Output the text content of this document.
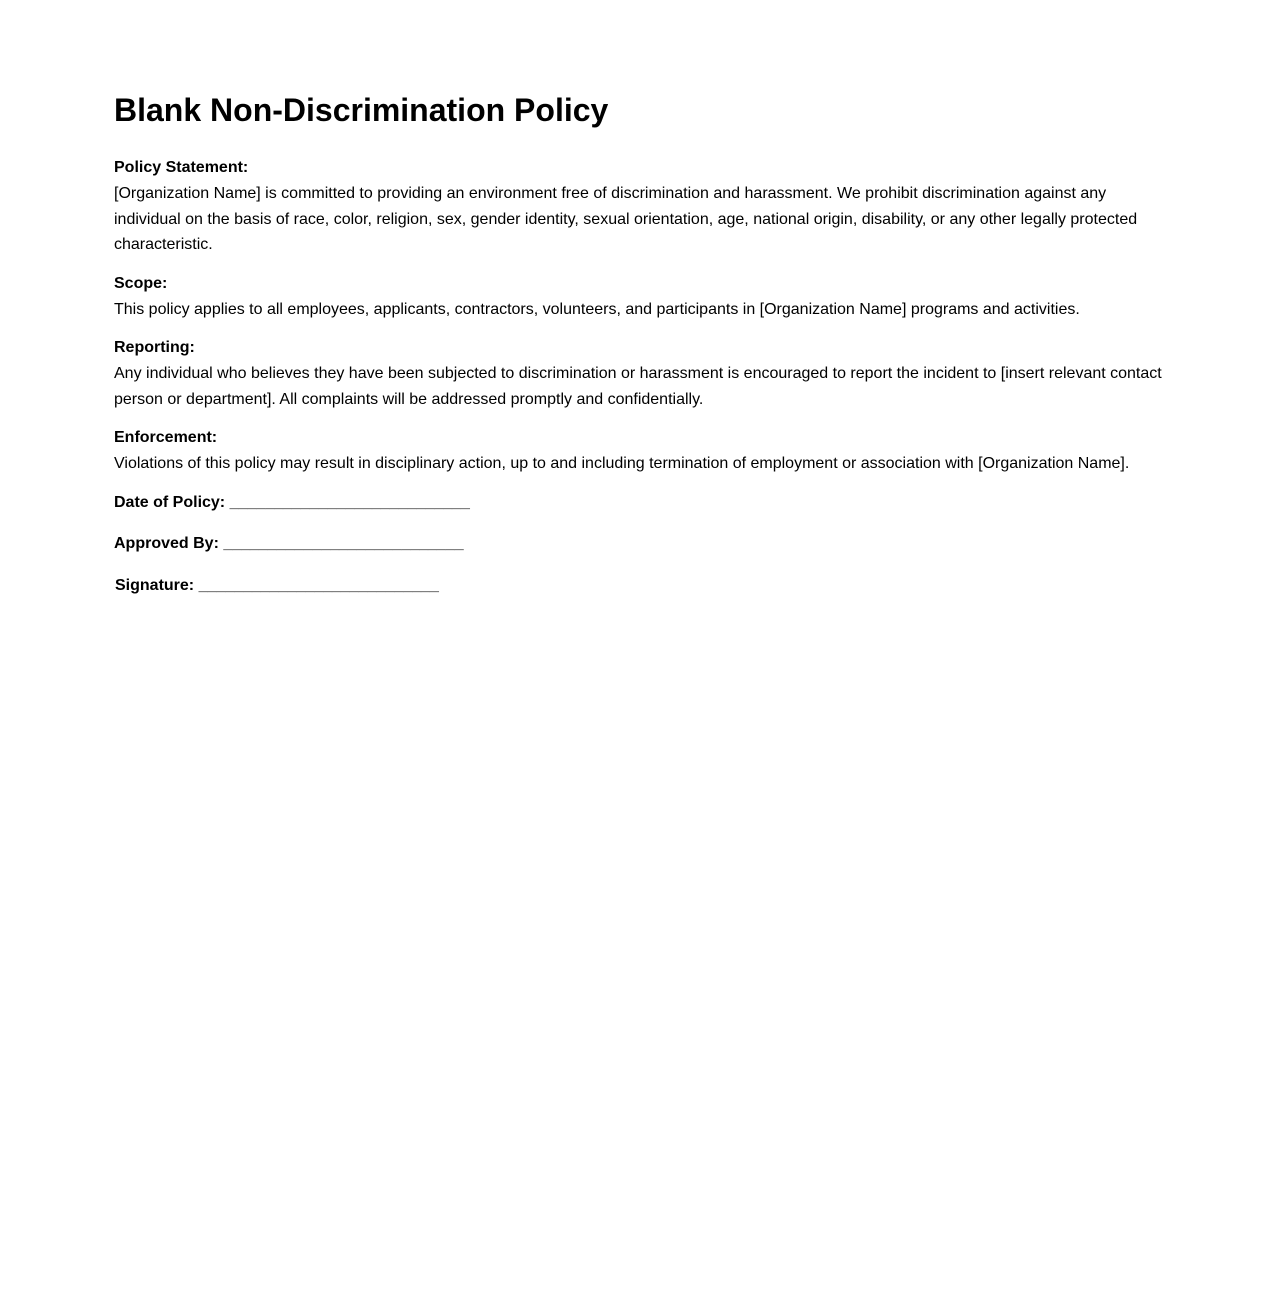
Blank Non-Discrimination Policy
Policy Statement:

[Organization Name] is committed to providing an environment free of discrimination and harassment. We prohibit discrimination against any individual on the basis of race, color, religion, sex, gender identity, sexual orientation, age, national origin, disability, or any other legally protected characteristic.

Scope:

This policy applies to all employees, applicants, contractors, volunteers, and participants in [Organization Name] programs and activities.

Reporting:

Any individual who believes they have been subjected to discrimination or harassment is encouraged to report the incident to [insert relevant contact person or department]. All complaints will be addressed promptly and confidentially.

Enforcement:

Violations of this policy may result in disciplinary action, up to and including termination of employment or association with [Organization Name].

Date of Policy: ___________________________
Approved By: ___________________________
Signature: ___________________________
